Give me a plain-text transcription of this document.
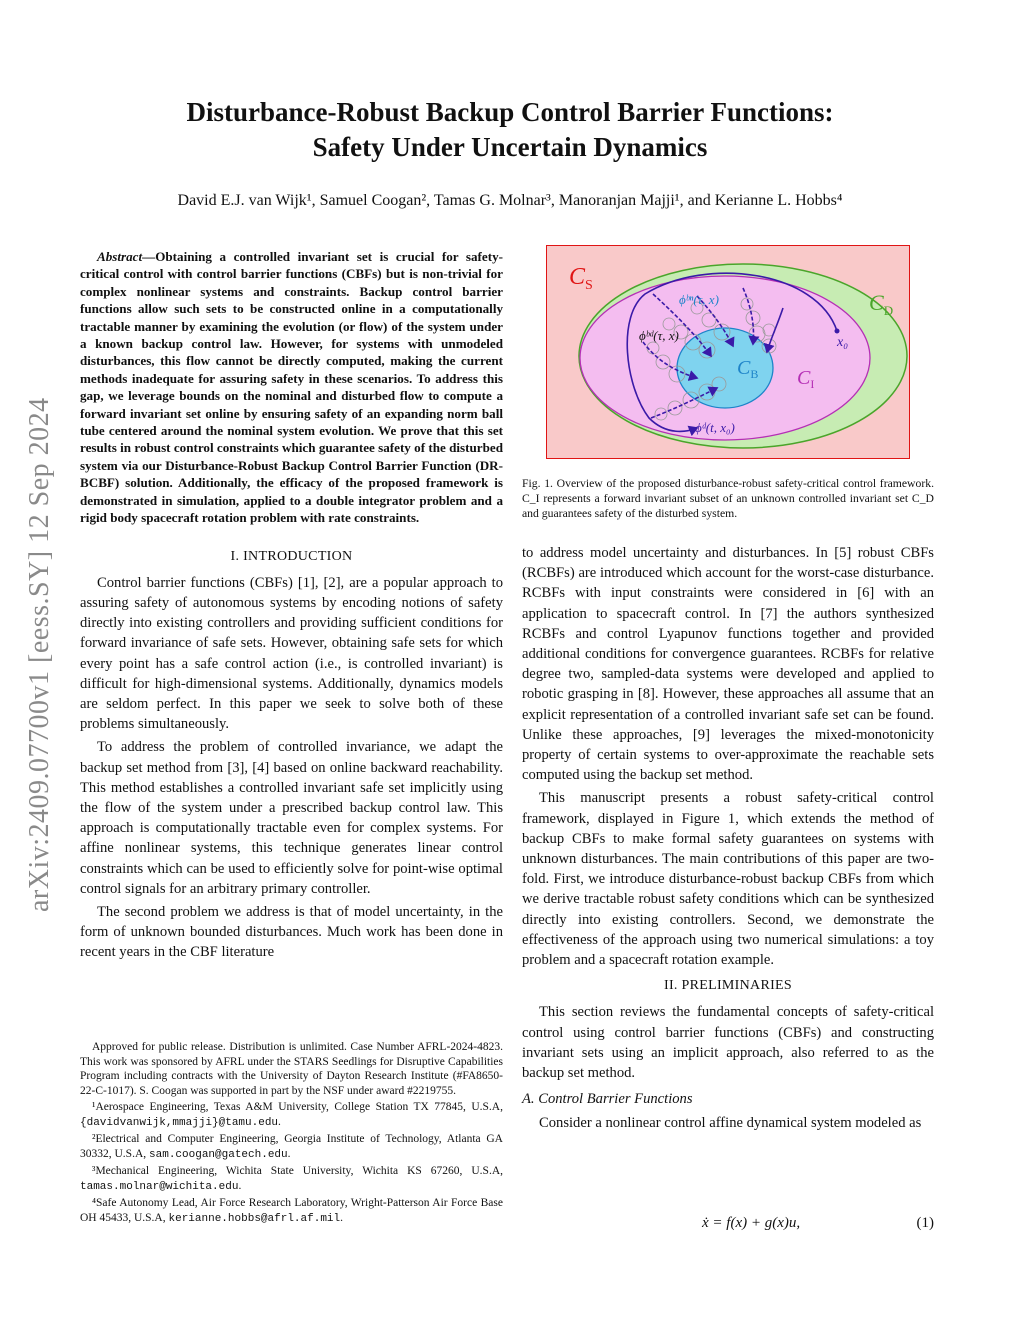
arXiv:2409.07700v1 [eess.SY] 12 Sep 2024
Disturbance-Robust Backup Control Barrier Functions:
Safety Under Uncertain Dynamics
David E.J. van Wijk¹, Samuel Coogan², Tamas G. Molnar³, Manoranjan Majji¹, and Kerianne L. Hobbs⁴

Abstract—Obtaining a controlled invariant set is crucial for safety-critical control with control barrier functions (CBFs) but is non-trivial for complex nonlinear systems and constraints. Backup control barrier functions allow such sets to be constructed online in a computationally tractable manner by examining the evolution (or flow) of the system under a known backup control law. However, for systems with unmodeled disturbances, this flow cannot be directly computed, making the current methods inadequate for assuring safety in these scenarios. To address this gap, we leverage bounds on the nominal and disturbed flow to compute a forward invariant set online by ensuring safety of an expanding norm ball tube centered around the nominal system evolution. We prove that this set results in robust control constraints which guarantee safety of the disturbed system via our Disturbance-Robust Backup Control Barrier Function (DR-BCBF) solution. Additionally, the efficacy of the proposed framework is demonstrated in simulation, applied to a double integrator problem and a rigid body spacecraft rotation problem with rate constraints.

I. INTRODUCTION

Control barrier functions (CBFs) [1], [2], are a popular approach to assuring safety of autonomous systems by encoding notions of safety directly into existing controllers and providing sufficient conditions for forward invariance of safe sets. However, obtaining safe sets for which every point has a safe control action (i.e., is controlled invariant) is difficult for high-dimensional systems. Additionally, dynamics models are seldom perfect. In this paper we seek to solve both of these problems simultaneously.

To address the problem of controlled invariance, we adapt the backup set method from [3], [4] based on online backward reachability. This method establishes a controlled invariant safe set implicitly using the flow of the system under a prescribed backup control law. This approach is computationally tractable even for complex systems. For affine nonlinear systems, this technique generates linear control constraints which can be used to efficiently solve for point-wise optimal control signals for an arbitrary primary controller.

The second problem we address is that of model uncertainty, in the form of unknown bounded disturbances. Much work has been done in recent years in the CBF literature

Approved for public release. Distribution is unlimited. Case Number AFRL-2024-4823. This work was sponsored by AFRL under the STARS Seedlings for Disruptive Capabilities Program including contracts with the University of Dayton Research Institute (#FA8650-22-C-1017). S. Coogan was supported in part by the NSF under award #2219755.

¹Aerospace Engineering, Texas A&M University, College Station TX 77845, U.S.A, {davidvanwijk,mmajji}@tamu.edu.

²Electrical and Computer Engineering, Georgia Institute of Technology, Atlanta GA 30332, U.S.A, sam.coogan@gatech.edu.

³Mechanical Engineering, Wichita State University, Wichita KS 67260, U.S.A, tamas.molnar@wichita.edu.

⁴Safe Autonomy Lead, Air Force Research Laboratory, Wright-Patterson Air Force Base OH 45433, U.S.A, kerianne.hobbs@afrl.af.mil.

$C_S$
$C_D$
$C_I$
$C_B$
x₀
ϕᵇⁿ(τ, x)
ϕᵇᵈ(τ, x)
ϕᵈ(t, x₀)
Fig. 1. Overview of the proposed disturbance-robust safety-critical control framework. C_I represents a forward invariant subset of an unknown controlled invariant set C_D and guarantees safety of the disturbed system.

to address model uncertainty and disturbances. In [5] robust CBFs (RCBFs) are introduced which account for the worst-case disturbance. RCBFs with input constraints were considered in [6] with an application to spacecraft control. In [7] the authors synthesized RCBFs and control Lyapunov functions together and provided additional conditions for convergence guarantees. RCBFs for relative degree two, sampled-data systems were developed and applied to robotic grasping in [8]. However, these approaches all assume that an explicit representation of a controlled invariant safe set can be found. Unlike these approaches, [9] leverages the mixed-monotonicity property of certain systems to over-approximate the reachable sets computed using the backup set method.

This manuscript presents a robust safety-critical control framework, displayed in Figure 1, which extends the method of backup CBFs to make formal safety guarantees on systems with unknown disturbances. The main contributions of this paper are two-fold. First, we introduce disturbance-robust backup CBFs from which we derive tractable robust safety conditions which can be synthesized directly into existing controllers. Second, we demonstrate the effectiveness of the approach using two numerical simulations: a toy problem and a spacecraft rotation example.

II. PRELIMINARIES

This section reviews the fundamental concepts of safety-critical control using control barrier functions (CBFs) and constructing invariant sets using an implicit approach, also referred to as the backup set method.

A. Control Barrier Functions

Consider a nonlinear control affine dynamical system modeled as

ẋ = f(x) + g(x)u,	(1)
